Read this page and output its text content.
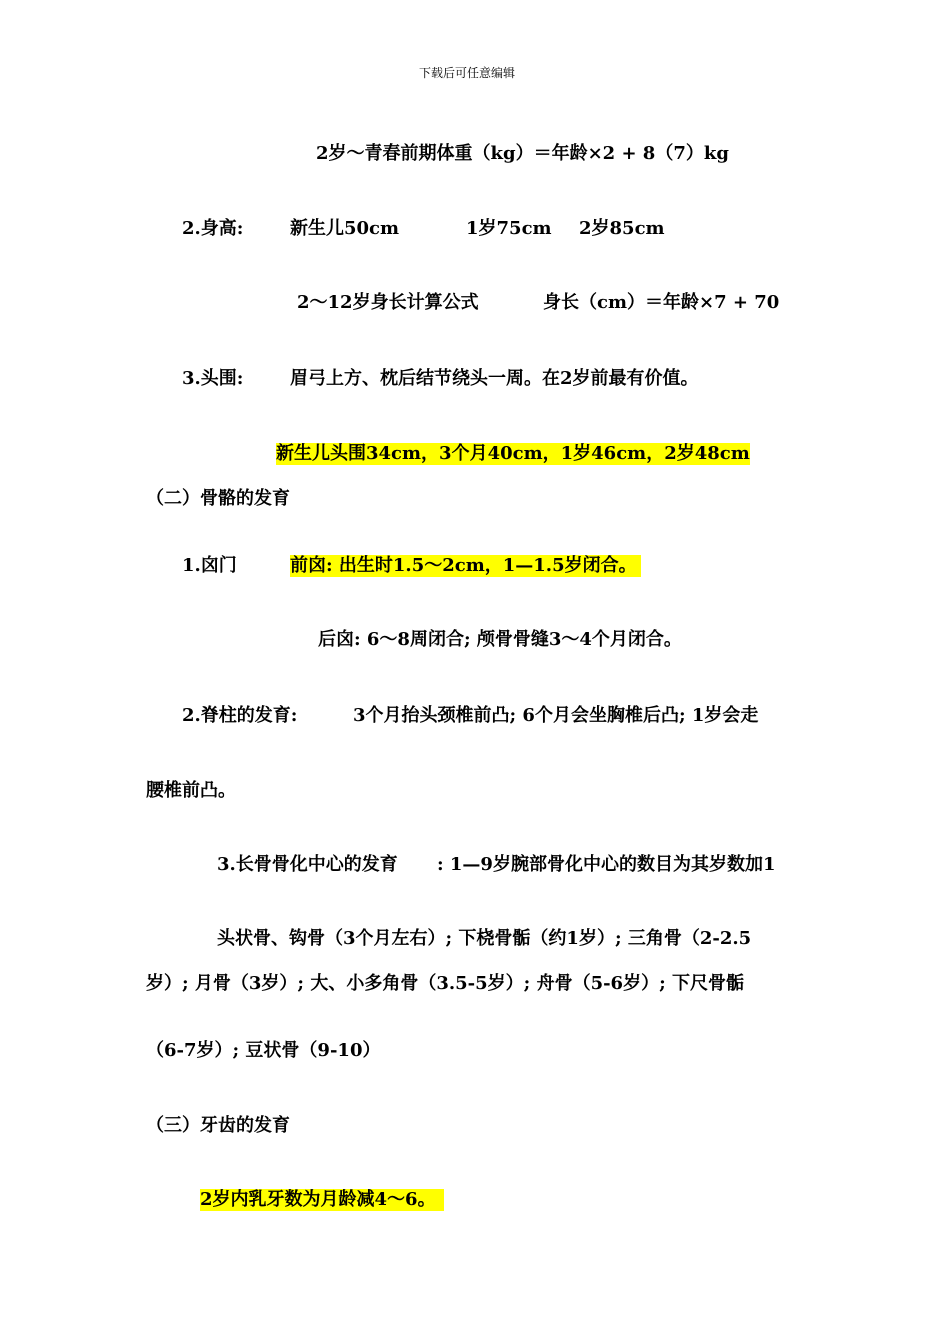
下载后可任意编辑
2岁～青春前期体重（kg）＝年龄×2 + 8（7）kg
2.身高:	新生儿50cm	1岁75cm 2岁85cm
2～12岁身长计算公式	身长（cm）＝年龄×7 + 70
3.头围:	眉弓上方、枕后结节绕头一周。在2岁前最有价值。
新生儿头围34cm，3个月40cm，1岁46cm，2岁48cm
（二）骨骼的发育
1.囟门	前囟: 出生时1.5～2cm，1—1.5岁闭合。
后囟: 6～8周闭合; 颅骨骨缝3～4个月闭合。
2.脊柱的发育:	3个月抬头颈椎前凸; 6个月会坐胸椎后凸; 1岁会走
腰椎前凸。
3.长骨骨化中心的发育 : 1—9岁腕部骨化中心的数目为其岁数加1
头状骨、钩骨（3个月左右）; 下桡骨骺（约1岁）; 三角骨（2-2.5
岁）; 月骨（3岁）; 大、小多角骨（3.5-5岁）; 舟骨（5-6岁）; 下尺骨骺
（6-7岁）; 豆状骨（9-10）
（三）牙齿的发育
2岁内乳牙数为月龄减4～6。
